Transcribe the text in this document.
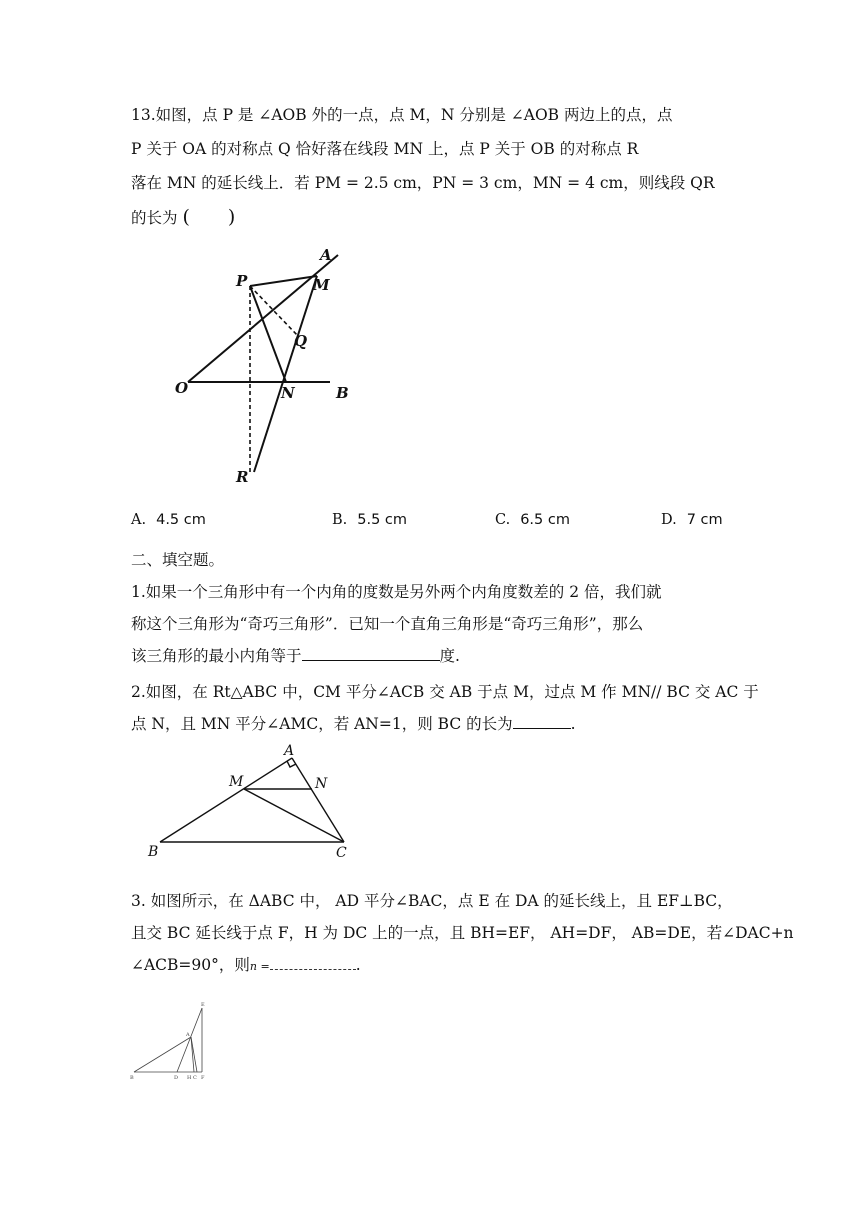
13.如图，点 P 是 ∠AOB 外的一点，点 M，N 分别是 ∠AOB 两边上的点，点
P 关于 OA 的对称点 Q 恰好落在线段 MN 上，点 P 关于 OB 的对称点 R
落在 MN 的延长线上．若 PM = 2.5 cm，PN = 3 cm，MN = 4 cm，则线段 QR
的长为 (　　)
A
P	M
Q
O	N	B
R
A. 4.5 cm	B. 5.5 cm	C. 6.5 cm	D. 7 cm
二、填空题。
1.如果一个三角形中有一个内角的度数是另外两个内角度数差的 2 倍，我们就
称这个三角形为“奇巧三角形”．已知一个直角三角形是“奇巧三角形”，那么
该三角形的最小内角等于	度.
2.如图，在 Rt△ABC 中，CM 平分∠ACB 交 AB 于点 M，过点 M 作 MN// BC 交 AC 于
点 N，且 MN 平分∠AMC，若 AN=1，则 BC 的长为	.
A
M	N
B	C
3. 如图所示，在 ΔABC 中， AD 平分∠BAC，点 E 在 DA 的延长线上，且 EF⊥BC，
且交 BC 延长线于点 F，H 为 DC 上的一点，且 BH=EF， AH=DF， AB=DE，若∠DAC+n
∠ACB=90°，则n =	.
E
A
B	D H C F
